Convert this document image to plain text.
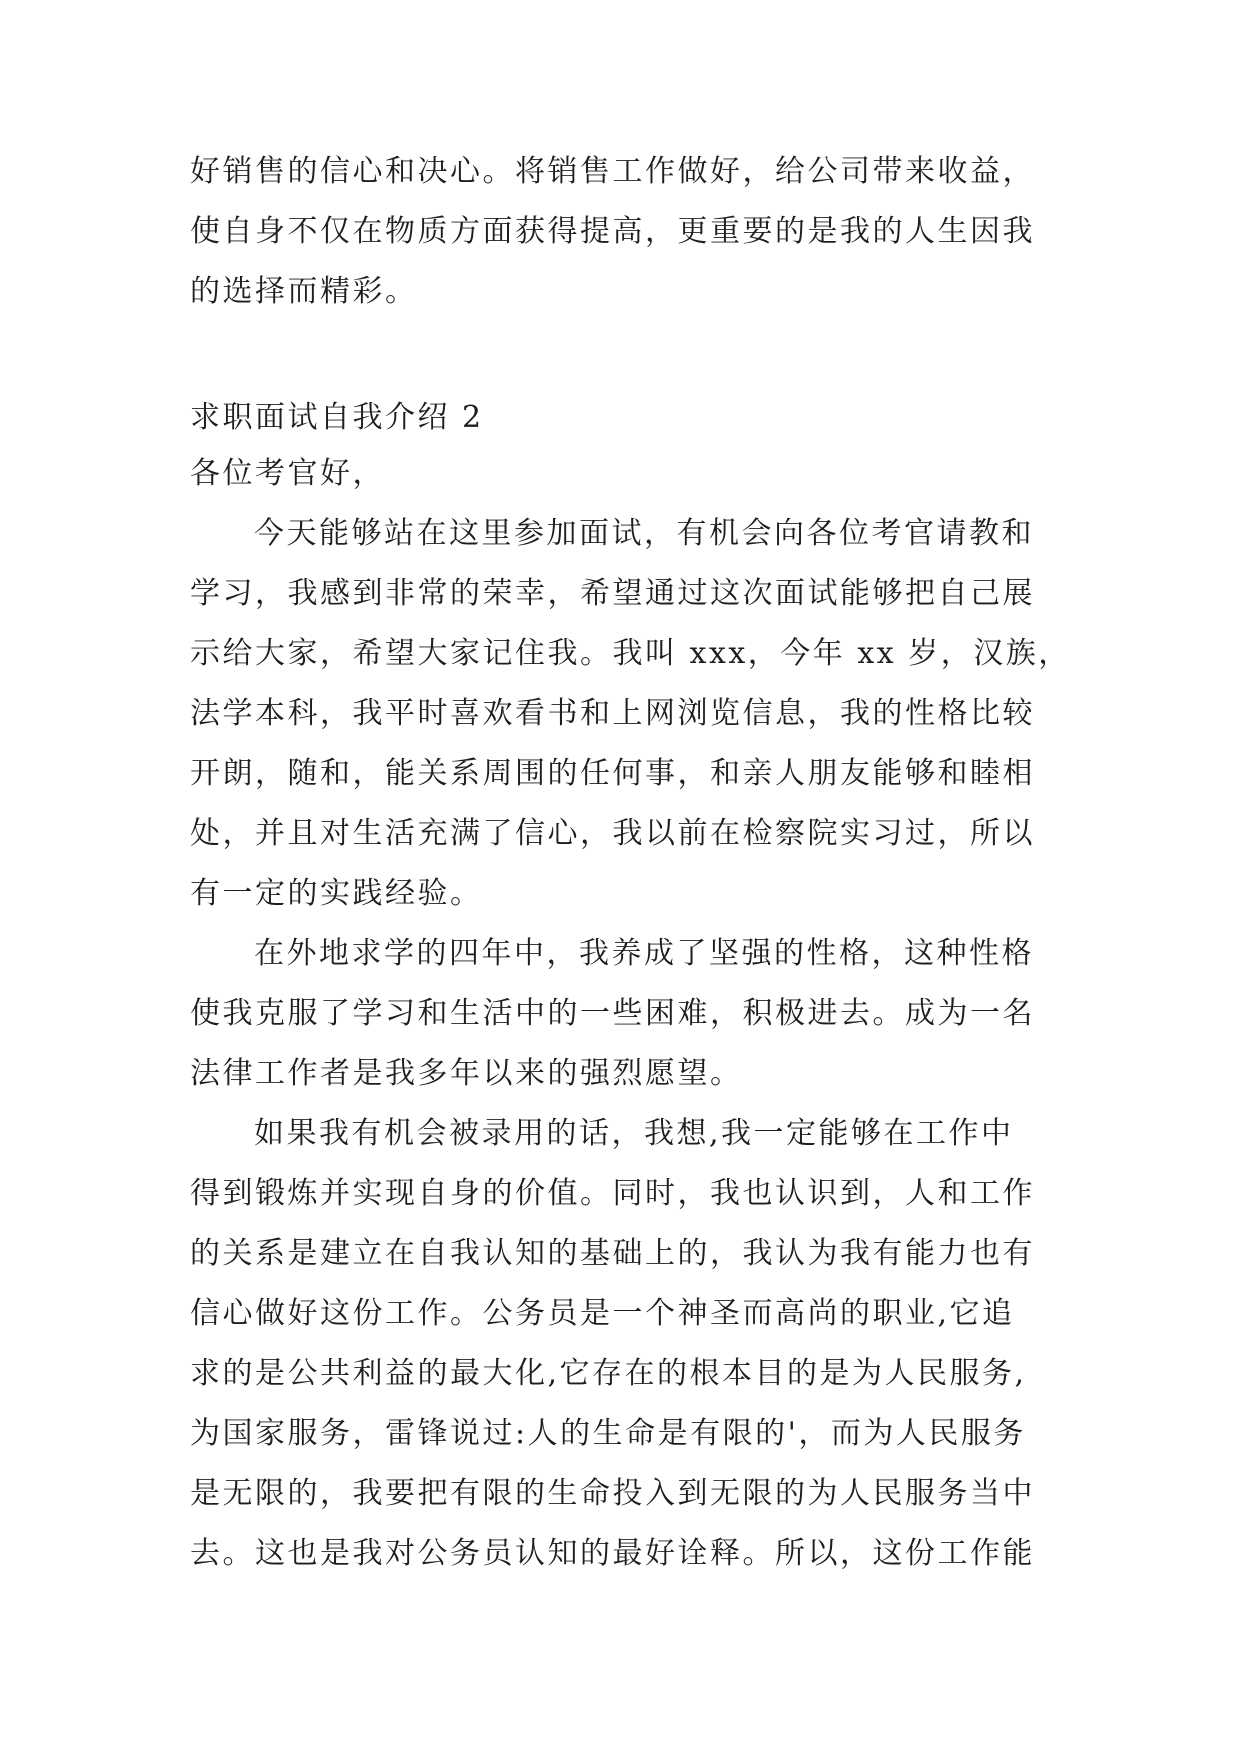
好销售的信心和决心。将销售工作做好，给公司带来收益，
使自身不仅在物质方面获得提高，更重要的是我的人生因我
的选择而精彩。
求职面试自我介绍 2
各位考官好，
今天能够站在这里参加面试，有机会向各位考官请教和
学习，我感到非常的荣幸，希望通过这次面试能够把自己展
示给大家，希望大家记住我。我叫 xxx，今年 xx 岁，汉族，
法学本科，我平时喜欢看书和上网浏览信息，我的性格比较
开朗，随和，能关系周围的任何事，和亲人朋友能够和睦相
处，并且对生活充满了信心，我以前在检察院实习过，所以
有一定的实践经验。
在外地求学的四年中，我养成了坚强的性格，这种性格
使我克服了学习和生活中的一些困难，积极进去。成为一名
法律工作者是我多年以来的强烈愿望。
如果我有机会被录用的话，我想,我一定能够在工作中
得到锻炼并实现自身的价值。同时，我也认识到，人和工作
的关系是建立在自我认知的基础上的，我认为我有能力也有
信心做好这份工作。公务员是一个神圣而高尚的职业,它追
求的是公共利益的最大化,它存在的根本目的是为人民服务,
为国家服务，雷锋说过:人的生命是有限的'，而为人民服务
是无限的，我要把有限的生命投入到无限的为人民服务当中
去。这也是我对公务员认知的最好诠释。所以，这份工作能
